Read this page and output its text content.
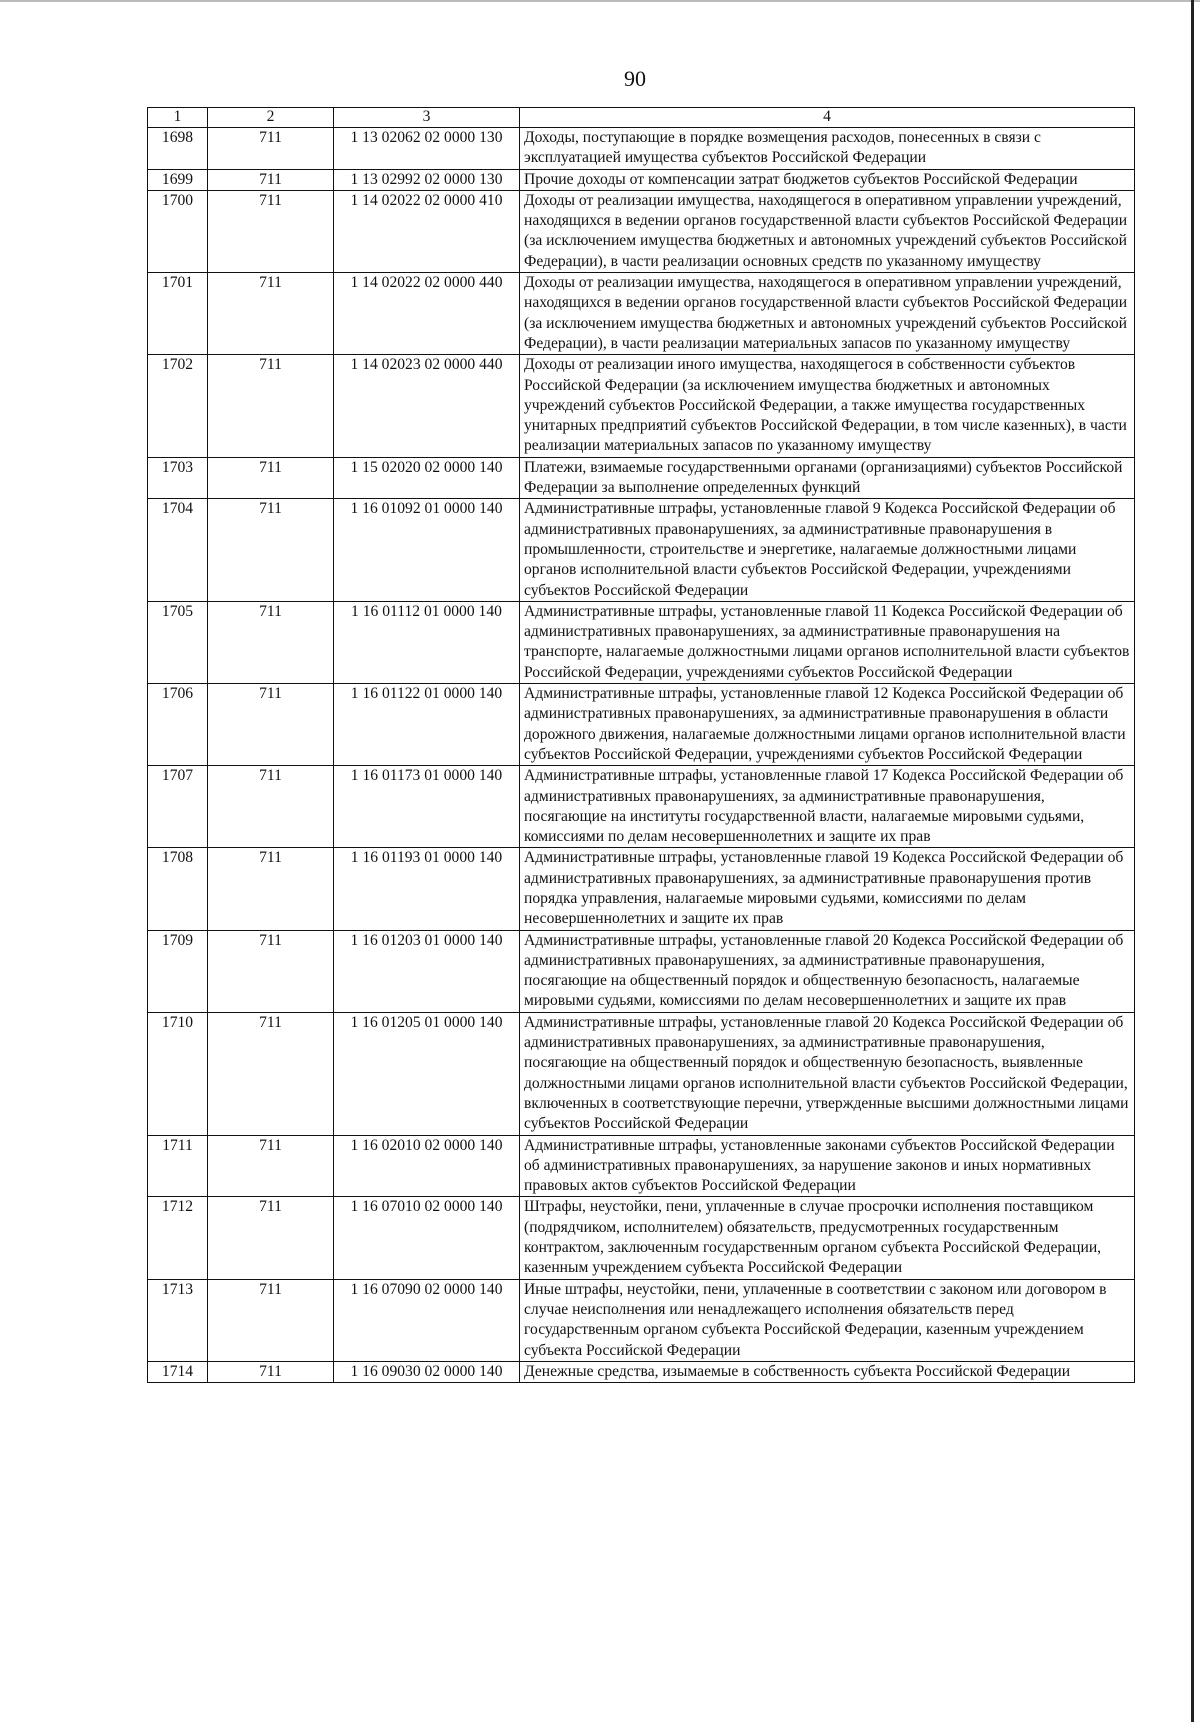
90
1	2	3	4
1698	711	1 13 02062 02 0000 130	Доходы, поступающие в порядке возмещения расходов, понесенных в связи с эксплуатацией имущества субъектов Российской Федерации
1699	711	1 13 02992 02 0000 130	Прочие доходы от компенсации затрат бюджетов субъектов Российской Федерации
1700	711	1 14 02022 02 0000 410	Доходы от реализации имущества, находящегося в оперативном управлении учреждений, находящихся в ведении органов государственной власти субъектов Российской Федерации (за исключением имущества бюджетных и автономных учреждений субъектов Российской Федерации), в части реализации основных средств по указанному имуществу
1701	711	1 14 02022 02 0000 440	Доходы от реализации имущества, находящегося в оперативном управлении учреждений, находящихся в ведении органов государственной власти субъектов Российской Федерации (за исключением имущества бюджетных и автономных учреждений субъектов Российской Федерации), в части реализации материальных запасов по указанному имуществу
1702	711	1 14 02023 02 0000 440	Доходы от реализации иного имущества, находящегося в собственности субъектов Российской Федерации (за исключением имущества бюджетных и автономных учреждений субъектов Российской Федерации, а также имущества государственных унитарных предприятий субъектов Российской Федерации, в том числе казенных), в части реализации материальных запасов по указанному имуществу
1703	711	1 15 02020 02 0000 140	Платежи, взимаемые государственными органами (организациями) субъектов Российской Федерации за выполнение определенных функций
1704	711	1 16 01092 01 0000 140	Административные штрафы, установленные главой 9 Кодекса Российской Федерации об административных правонарушениях, за административные правонарушения в промышленности, строительстве и энергетике, налагаемые должностными лицами органов исполнительной власти субъектов Российской Федерации, учреждениями субъектов Российской Федерации
1705	711	1 16 01112 01 0000 140	Административные штрафы, установленные главой 11 Кодекса Российской Федерации об административных правонарушениях, за административные правонарушения на транспорте, налагаемые должностными лицами органов исполнительной власти субъектов Российской Федерации, учреждениями субъектов Российской Федерации
1706	711	1 16 01122 01 0000 140	Административные штрафы, установленные главой 12 Кодекса Российской Федерации об административных правонарушениях, за административные правонарушения в области дорожного движения, налагаемые должностными лицами органов исполнительной власти субъектов Российской Федерации, учреждениями субъектов Российской Федерации
1707	711	1 16 01173 01 0000 140	Административные штрафы, установленные главой 17 Кодекса Российской Федерации об административных правонарушениях, за административные правонарушения, посягающие на институты государственной власти, налагаемые мировыми судьями, комиссиями по делам несовершеннолетних и защите их прав
1708	711	1 16 01193 01 0000 140	Административные штрафы, установленные главой 19 Кодекса Российской Федерации об административных правонарушениях, за административные правонарушения против порядка управления, налагаемые мировыми судьями, комиссиями по делам несовершеннолетних и защите их прав
1709	711	1 16 01203 01 0000 140	Административные штрафы, установленные главой 20 Кодекса Российской Федерации об административных правонарушениях, за административные правонарушения, посягающие на общественный порядок и общественную безопасность, налагаемые мировыми судьями, комиссиями по делам несовершеннолетних и защите их прав
1710	711	1 16 01205 01 0000 140	Административные штрафы, установленные главой 20 Кодекса Российской Федерации об административных правонарушениях, за административные правонарушения, посягающие на общественный порядок и общественную безопасность, выявленные должностными лицами органов исполнительной власти субъектов Российской Федерации, включенных в соответствующие перечни, утвержденные высшими должностными лицами субъектов Российской Федерации
1711	711	1 16 02010 02 0000 140	Административные штрафы, установленные законами субъектов Российской Федерации об административных правонарушениях, за нарушение законов и иных нормативных правовых актов субъектов Российской Федерации
1712	711	1 16 07010 02 0000 140	Штрафы, неустойки, пени, уплаченные в случае просрочки исполнения поставщиком (подрядчиком, исполнителем) обязательств, предусмотренных государственным контрактом, заключенным государственным органом субъекта Российской Федерации, казенным учреждением субъекта Российской Федерации
1713	711	1 16 07090 02 0000 140	Иные штрафы, неустойки, пени, уплаченные в соответствии с законом или договором в случае неисполнения или ненадлежащего исполнения обязательств перед государственным органом субъекта Российской Федерации, казенным учреждением субъекта Российской Федерации
1714	711	1 16 09030 02 0000 140	Денежные средства, изымаемые в собственность субъекта Российской Федерации
